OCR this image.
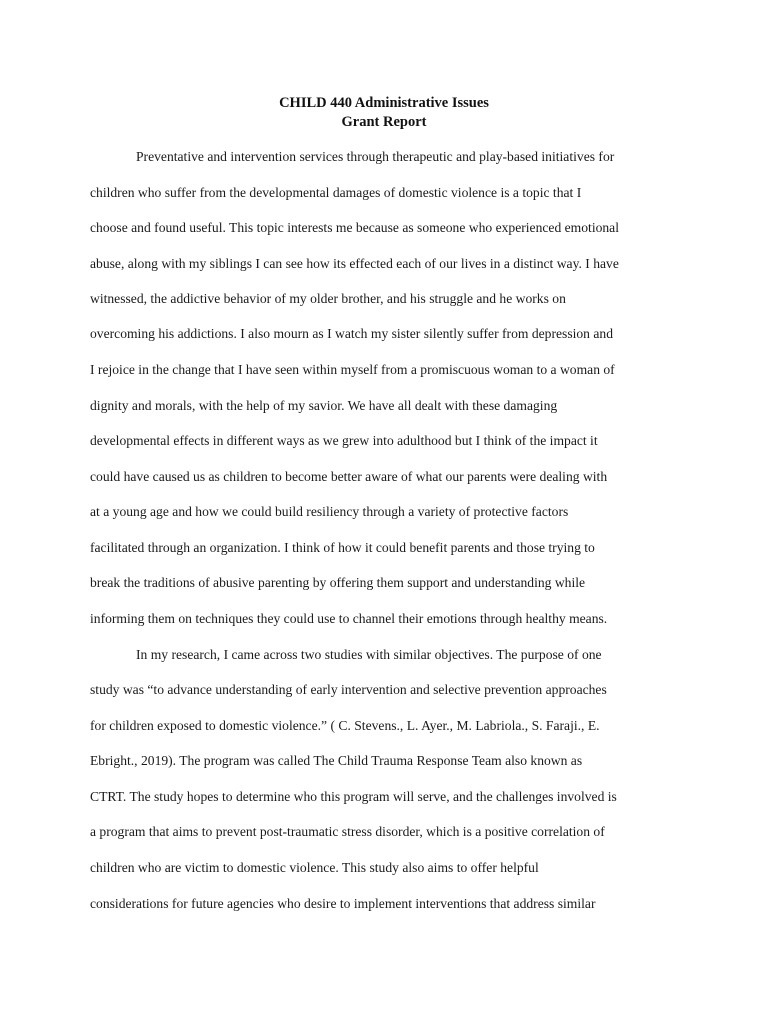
CHILD 440 Administrative Issues
Grant Report
Preventative and intervention services through therapeutic and play-based initiatives for
children who suffer from the developmental damages of domestic violence is a topic that I
choose and found useful. This topic interests me because as someone who experienced emotional
abuse, along with my siblings I can see how its effected each of our lives in a distinct way. I have
witnessed, the addictive behavior of my older brother, and his struggle and he works on
overcoming his addictions. I also mourn as I watch my sister silently suffer from depression and
I rejoice in the change that I have seen within myself from a promiscuous woman to a woman of
dignity and morals, with the help of my savior. We have all dealt with these damaging
developmental effects in different ways as we grew into adulthood but I think of the impact it
could have caused us as children to become better aware of what our parents were dealing with
at a young age and how we could build resiliency through a variety of protective factors
facilitated through an organization. I think of how it could benefit parents and those trying to
break the traditions of abusive parenting by offering them support and understanding while
informing them on techniques they could use to channel their emotions through healthy means.
In my research, I came across two studies with similar objectives. The purpose of one
study was “to advance understanding of early intervention and selective prevention approaches
for children exposed to domestic violence.” ( C. Stevens., L. Ayer., M. Labriola., S. Faraji., E.
Ebright., 2019). The program was called The Child Trauma Response Team also known as
CTRT. The study hopes to determine who this program will serve, and the challenges involved is
a program that aims to prevent post-traumatic stress disorder, which is a positive correlation of
children who are victim to domestic violence. This study also aims to offer helpful
considerations for future agencies who desire to implement interventions that address similar
